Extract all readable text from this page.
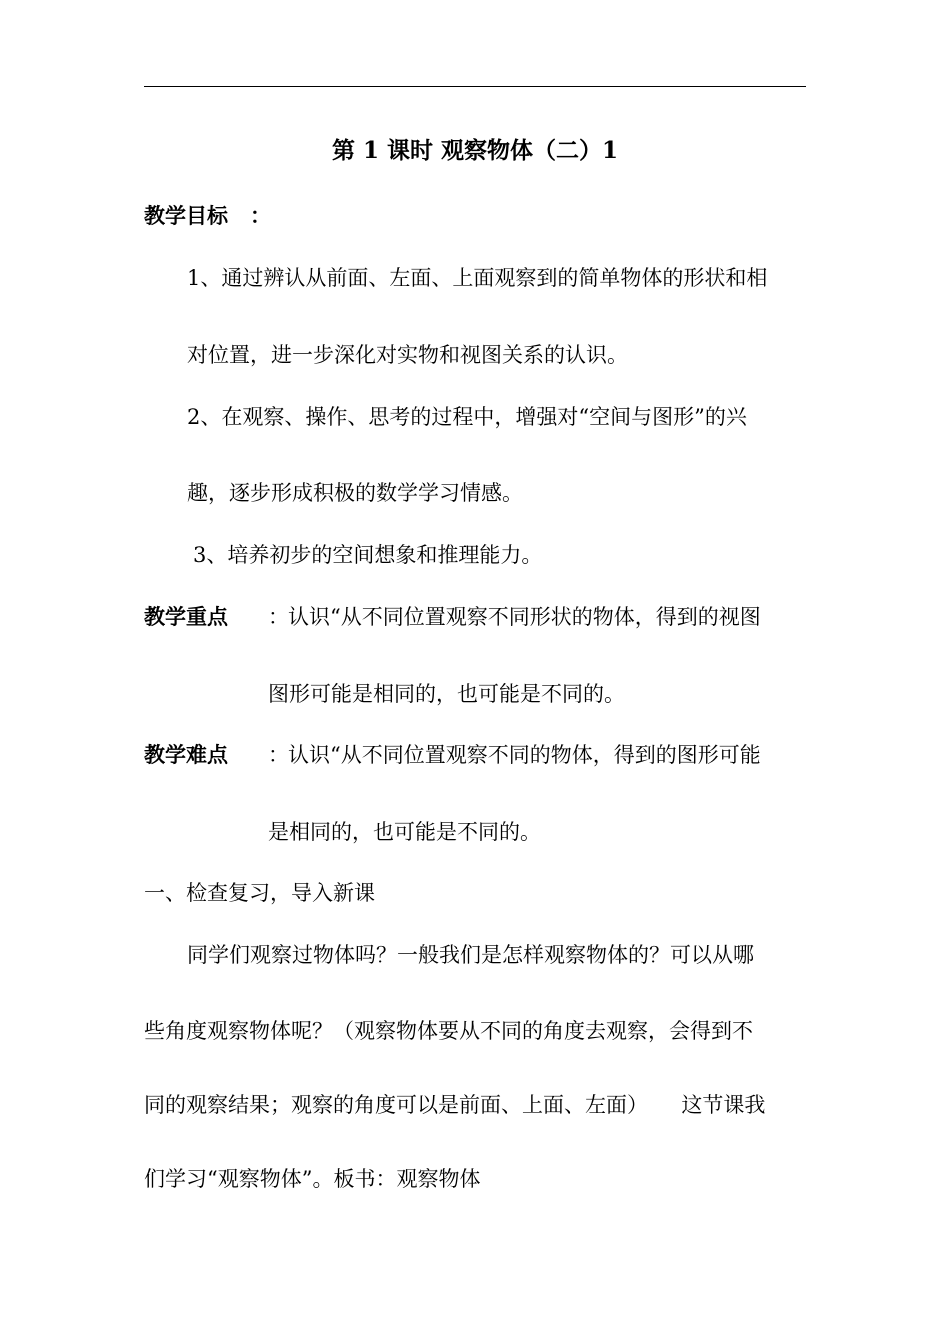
第 1 课时 观察物体（二）1
教学目标 ：
1、通过辨认从前面、左面、上面观察到的简单物体的形状和相
对位置，进一步深化对实物和视图关系的认识。
2、在观察、操作、思考的过程中，增强对“空间与图形”的兴
趣，逐步形成积极的数学学习情感。
3、培养初步的空间想象和推理能力。
教学重点 ：认识“从不同位置观察不同形状的物体，得到的视图
图形可能是相同的，也可能是不同的。
教学难点 ：认识“从不同位置观察不同的物体，得到的图形可能
是相同的，也可能是不同的。
一、检查复习，导入新课
同学们观察过物体吗？一般我们是怎样观察物体的？可以从哪
些角度观察物体呢？（观察物体要从不同的角度去观察，会得到不
同的观察结果；观察的角度可以是前面、上面、左面）     这节课我
们学习“观察物体”。板书：观察物体
